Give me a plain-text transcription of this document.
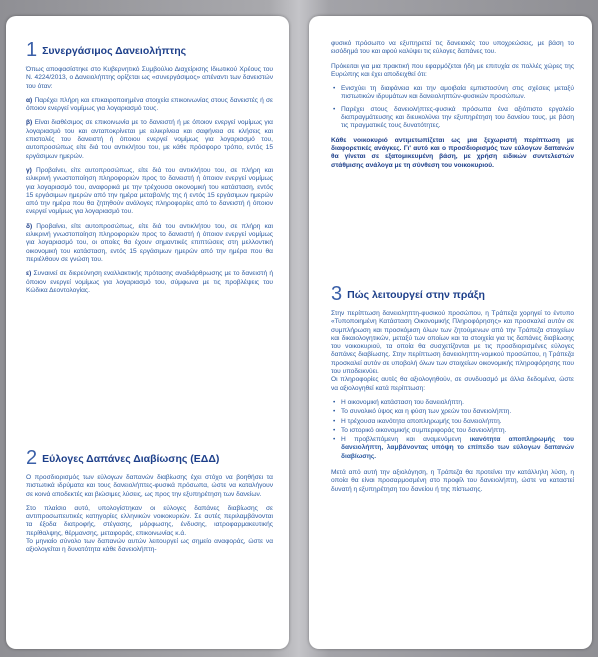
1 Συνεργάσιμος Δανειολήπτης

Όπως αποφασίστηκε στο Κυβερνητικό Συμβούλιο Διαχείρισης Ιδιωτικού Χρέους του Ν. 4224/2013, ο Δανειολήπτης ορίζεται ως «συνεργάσιμος» απέναντι των δανειστών του όταν:

α) Παρέχει πλήρη και επικαιροποιημένα στοιχεία επικοινωνίας στους δανειστές ή σε όποιον ενεργεί νομίμως για λογαριασμό τους.

β) Είναι διαθέσιμος σε επικοινωνία με το δανειστή ή με όποιον ενεργεί νομίμως για λογαριασμό του και ανταποκρίνεται με ειλικρίνεια και σαφήνεια σε κλήσεις και επιστολές του δανειστή ή όποιου ενεργεί νομίμως για λογαριασμό του, αυτοπροσώπως είτε διά του αντικλήτου του, με κάθε πρόσφορο τρόπο, εντός 15 εργάσιμων ημερών.

γ) Προβαίνει, είτε αυτοπροσώπως, είτε διά του αντικλήτου του, σε πλήρη και ειλικρινή γνωστοποίηση πληροφοριών προς το δανειστή ή όποιον ενεργεί νομίμως για λογαριασμό του, αναφορικά με την τρέχουσα οικονομική του κατάσταση, εντός 15 εργάσιμων ημερών από την ημέρα μεταβολής της ή εντός 15 εργάσιμων ημερών από την ημέρα που θα ζητηθούν ανάλογες πληροφορίες από το δανειστή ή όποιον ενεργεί νομίμως για λογαριασμό του.

δ) Προβαίνει, είτε αυτοπροσώπως, είτε διά του αντικλήτου του, σε πλήρη και ειλικρινή γνωστοποίηση πληροφοριών προς το δανειστή ή όποιον ενεργεί νομίμως για λογαριασμό του, οι οποίες θα έχουν σημαντικές επιπτώσεις στη μελλοντική οικονομική του κατάσταση, εντός 15 εργάσιμων ημερών από την ημέρα που θα περιέλθουν σε γνώση του.

ε) Συναινεί σε διερεύνηση εναλλακτικής πρότασης αναδιάρθρωσης με το δανειστή ή όποιον ενεργεί νομίμως για λογαριασμό του, σύμφωνα με τις προβλέψεις του Κώδικα Δεοντολογίας.

2 Εύλογες Δαπάνες Διαβίωσης (ΕΔΔ)

Ο προσδιορισμός των εύλογων δαπανών διαβίωσης έχει στόχο να βοηθήσει τα πιστωτικά ιδρύματα και τους δανειολήπτες-φυσικά πρόσωπα, ώστε να καταλήγουν σε κοινά αποδεκτές και βιώσιμες λύσεις, ως προς την εξυπηρέτηση των δανείων.

Στο πλαίσιο αυτό, υπολογίστηκαν οι εύλογες δαπάνες διαβίωσης σε αντιπροσωπευτικές κατηγορίες ελληνικών νοικοκυριών. Σε αυτές περιλαμβάνονται τα έξοδα διατροφής, στέγασης, μόρφωσης, ένδυσης, ιατροφαρμακευτικής περίθαλψης, θέρμανσης, μεταφοράς, επικοινωνίας κ.ά.

Το μηνιαίο σύνολο των δαπανών αυτών λειτουργεί ως σημείο αναφοράς, ώστε να αξιολογείται η δυνατότητα κάθε δανειολήπτη-

φυσικό πρόσωπο να εξυπηρετεί τις δανειακές του υποχρεώσεις, με βάση το εισόδημά του και αφού καλύψει τις εύλογες δαπάνες του.

Πρόκειται για μια πρακτική που εφαρμόζεται ήδη με επιτυχία σε πολλές χώρες της Ευρώπης και έχει αποδειχθεί ότι:

• Ενισχύει τη διαφάνεια και την αμοιβαία εμπιστοσύνη στις σχέσεις μεταξύ πιστωτικών ιδρυμάτων και δανειοληπτών-φυσικών προσώπων.
• Παρέχει στους δανειολήπτες-φυσικά πρόσωπα ένα αξιόπιστο εργαλείο διαπραγμάτευσης και διευκολύνει την εξυπηρέτηση του δανείου τους, με βάση τις πραγματικές τους δυνατότητες.

Κάθε νοικοκυριό αντιμετωπίζεται ως μια ξεχωριστή περίπτωση με διαφορετικές ανάγκες. Γι' αυτό και ο προσδιορισμός των εύλογων δαπανών θα γίνεται σε εξατομικευμένη βάση, με χρήση ειδικών συντελεστών στάθμισης ανάλογα με τη σύνθεση του νοικοκυριού.

3 Πώς λειτουργεί στην πράξη

Στην περίπτωση δανειοληπτη-φυσικού προσώπου, η Τράπεζα χορηγεί το έντυπο «Τυποποιημένη Κατάσταση Οικονομικής Πληροφόρησης» και προσκαλεί αυτόν σε συμπλήρωση και προσκόμιση όλων των ζητούμενων από την Τράπεζα στοιχείων και δικαιολογητικών, μεταξύ των οποίων και τα στοιχεία για τις δαπάνες διαβίωσης του νοικοκυριού, τα οποία θα συσχετίζονται με τις προσδιορισμένες εύλογες δαπάνες διαβίωσης. Στην περίπτωση δανειοληπτη-νομικού προσώπου, η Τράπεζα προσκαλεί αυτόν σε υποβολή όλων των στοιχείων οικονομικής πληροφόρησης που του υποδεικνύει.

Οι πληροφορίες αυτές θα αξιολογηθούν, σε συνδυασμό με άλλα δεδομένα, ώστε να αξιολογηθεί κατά περίπτωση:

• Η οικονομική κατάσταση του δανειολήπτη.
• Το συνολικό ύψος και η φύση των χρεών του δανειολήπτη.
• Η τρέχουσα ικανότητα αποπληρωμής του δανειολήπτη.
• Το ιστορικό οικονομικής συμπεριφοράς του δανειολήπτη.
• Η προβλεπόμενη και αναμενόμενη ικανότητα αποπληρωμής του δανειολήπτη, λαμβάνοντας υπόψη το επίπεδο των εύλογων δαπανών διαβίωσης.

Μετά από αυτή την αξιολόγηση, η Τράπεζα θα προτείνει την κατάλληλη λύση, η οποία θα είναι προσαρμοσμένη στο προφίλ του δανειολήπτη, ώστε να καταστεί δυνατή η εξυπηρέτηση του δανείου ή της πίστωσης.
